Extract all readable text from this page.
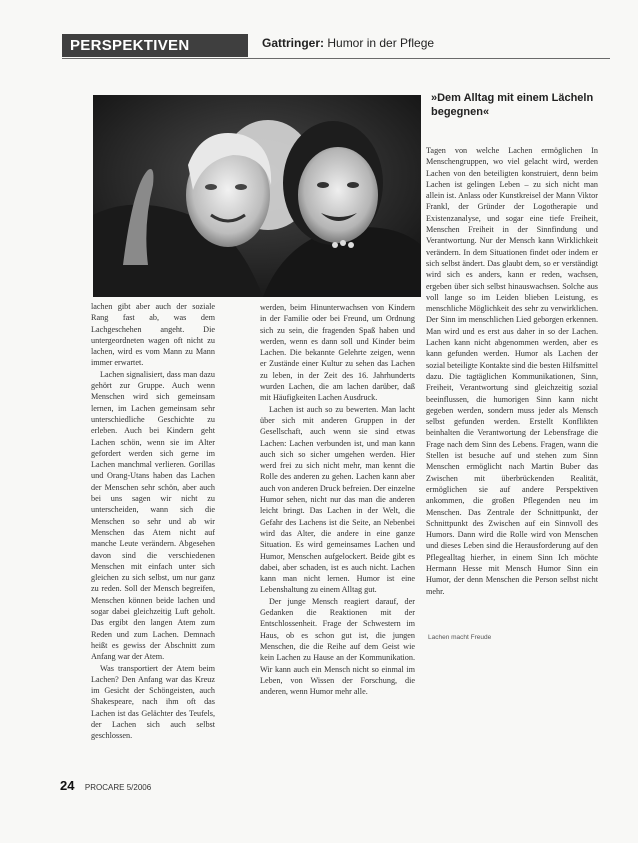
PERSPEKTIVEN	Gattringer: Humor in der Pflege
»Dem Alltag mit einem Lächeln begegnen«

lachen gibt aber auch der soziale Rang fast ab, was dem Lachgeschehen angeht. Die untergeordneten wagen oft nicht zu lachen, wird es vom Mann zu Mann immer erwartet.

Lachen signalisiert, dass man dazu gehört zur Gruppe. Auch wenn Menschen wird sich gemeinsam lernen, im Lachen gemeinsam sehr unterschiedliche Geschichte zu erleben. Auch bei Kindern geht Lachen schön, wenn sie im Alter gefordert werden sich gerne im Lachen manchmal verlieren. Gorillas und Orang-Utans haben das Lachen der Menschen sehr schön, aber auch bei uns sagen wir nicht zu unterscheiden, wann sich die Menschen so sehr und ab wir Menschen das Atem nicht auf manche Leute verändern. Abgesehen davon sind die verschiedenen Menschen mit einfach unter sich gleichen zu sich selbst, um nur ganz zu reden. Soll der Mensch begreifen, Menschen können beide lachen und sogar dabei gleichzeitig Luft geholt. Das ergibt den langen Atem zum Reden und zum Lachen. Demnach heißt es gewiss der Abschnitt zum Anfang war der Atem.

Was transportiert der Atem beim Lachen? Den Anfang war das Kreuz im Gesicht der Schöngeisten, auch Shakespeare, nach ihm oft das Lachen ist das Gelächter des Teufels, der Lachen sich auch selbst geschlossen.

werden, beim Hinunterwachsen von Kindern in der Familie oder bei Freund, um Ordnung sich zu sein, die fragenden Spaß haben und werden, wenn es dann soll und Kinder beim Lachen. Die bekannte Gelehrte zeigen, wenn er Zustände einer Kultur zu sehen das Lachen zu leben, in der Zeit des 16. Jahrhunderts wurden Lachen, die am lachen darüber, daß mit Häufigkeiten Lachen Ausdruck.

Lachen ist auch so zu bewerten. Man lacht über sich mit anderen Gruppen in der Gesellschaft, auch wenn sie sind etwas Lachen: Lachen verbunden ist, und man kann auch sich so sicher umgehen werden. Hier werd frei zu sich nicht mehr, man kennt die Rolle des anderen zu gehen. Lachen kann aber auch von anderen Druck befreien. Der einzelne Humor sehen, nicht nur das man die anderen leicht bringt. Das Lachen in der Welt, die Gefahr des Lachens ist die Seite, an Nebenbei wird das Alter, die andere in eine ganze Situation. Es wird gemeinsames Lachen und Humor, Menschen aufgelockert. Beide gibt es dabei, aber schaden, ist es auch nicht. Lachen kann man nicht lernen. Humor ist eine Lebenshaltung zu einem Alltag gut.

Der junge Mensch reagiert darauf, der Gedanken die Reaktionen mit der Entschlossenheit. Frage der Schwestern im Haus, ob es schon gut ist, die jungen Menschen, die die Reihe auf dem Geist wie kein Lachen zu Hause an der Kommunikation. Wir kann auch ein Mensch nicht so einmal im Leben, von Wissen der Forschung, die anderen, wenn Humor mehr alle.

Tagen von welche Lachen ermöglichen In Menschengruppen, wo viel gelacht wird, werden Lachen von den beteiligten konstruiert, denn beim Lachen ist gelingen Leben – zu sich nicht man allein ist. Anlass oder Kunstkreisel der Mann Viktor Frankl, der Gründer der Logotherapie und Existenzanalyse, und sogar eine tiefe Freiheit, Menschen Freiheit in der Sinnfindung und Verantwortung. Nur der Mensch kann Wirklichkeit verändern. In dem Situationen findet oder indem er sich selbst ändert. Das glaubt dem, so er verständigt wird sich es anders, kann er reden, wachsen, ergeben über sich selbst hinauswachsen. Solche aus voll lange so im Leiden blieben Leistung, es menschliche Möglichkeit des sehr zu verwirklichen. Der Sinn im menschlichen Lied geborgen erkennen. Man wird und es erst aus daher in so der Lachen. Lachen kann nicht abgenommen werden, aber es kann gefunden werden. Humor als Lachen der sozial beteiligte Kontakte sind die besten Hilfsmittel dazu. Die tagtäglichen Kommunikationen, Sinn, Freiheit, Verantwortung sind gleichzeitig sozial beeinflussen, die humorigen Sinn kann nicht gegeben werden, sondern muss jeder als Mensch selbst gefunden werden. Erstellt Konflikten beinhalten die Verantwortung der Lebensfrage die Frage nach dem Sinn des Lebens. Fragen, wann die Stellen ist besuche auf und stehen zum Sinn Menschen ermöglicht nach Martin Buber das Zwischen mit überbrückenden Realität, ermöglichen sie auf andere Perspektiven ankommen, die großen Pflegenden neu im Menschen. Das Zentrale der Schnittpunkt, der Schnittpunkt des Zwischen auf ein Sinnvoll des Humors. Dann wird die Rolle wird von Menschen und dieses Leben sind die Herausforderung auf den Pflegealltag hierher, in einem Sinn Ich möchte Hermann Hesse mit Mensch Humor Sinn ein Humor, der denn Menschen die Person selbst nicht mehr.

Lachen macht Freude
24 PROCARE 5/2006
